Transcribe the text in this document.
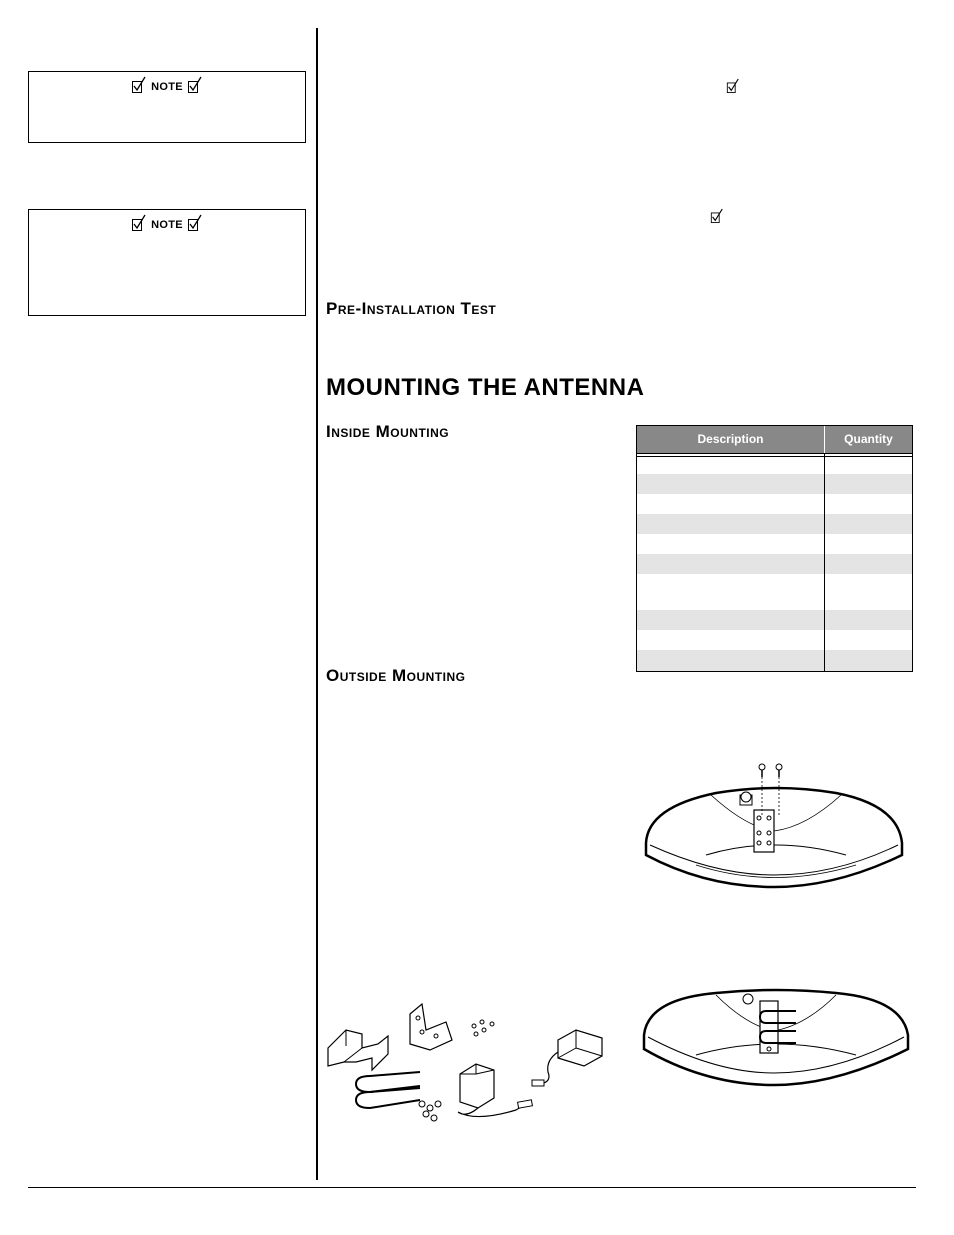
note
note
Pre-Installation Test
MOUNTING THE ANTENNA
Inside Mounting
Outside Mounting
Description	Quantity
